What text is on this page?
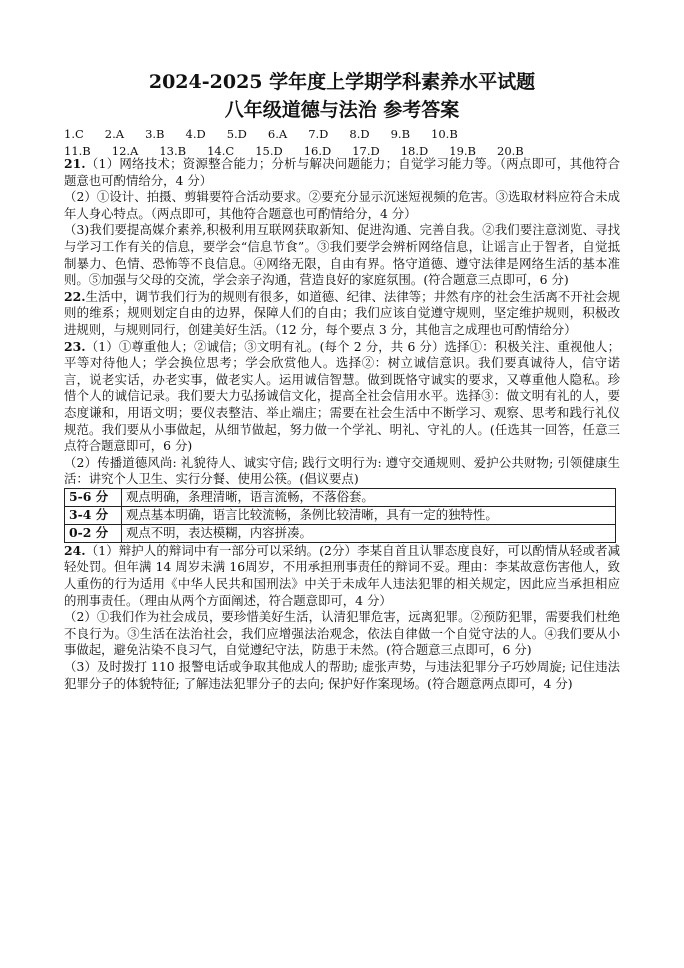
2024-2025 学年度上学期学科素养水平试题
八年级道德与法治 参考答案
1.C 2.A 3.B 4.D 5.D 6.A 7.D 8.D 9.B 10.B
11.B 12.A 13.B 14.C 15.D 16.D 17.D 18.D 19.B 20.B

21.（1）网络技术；资源整合能力；分析与解决问题能力；自觉学习能力等。（两点即可，其他符合题意也可酌情给分，4 分）

（2）①设计、拍摄、剪辑要符合活动要求。②要充分显示沉迷短视频的危害。③选取材料应符合未成年人身心特点。（两点即可，其他符合题意也可酌情给分，4 分）

（3)我们要提高媒介素养,积极利用互联网获取新知、促进沟通、完善自我。②我们要注意浏览、寻找与学习工作有关的信息，要学会“信息节食”。③我们要学会辨析网络信息，让谣言止于智者，自觉抵制暴力、色情、恐怖等不良信息。④网络无限，自由有界。恪守道德、遵守法律是网络生活的基本准则。⑤加强与父母的交流，学会亲子沟通，营造良好的家庭氛围。(符合题意三点即可，6 分)

22.生活中，调节我们行为的规则有很多，如道德、纪律、法律等；井然有序的社会生活离不开社会规则的维系；规则划定自由的边界，保障人们的自由；我们应该自觉遵守规则，坚定维护规则，积极改进规则，与规则同行，创建美好生活。（12 分，每个要点 3 分，其他言之成理也可酌情给分）

23.（1）①尊重他人；②诚信；③文明有礼。(每个 2 分，共 6 分）选择①：积极关注、重视他人；平等对待他人；学会换位思考；学会欣赏他人。选择②：树立诚信意识。我们要真诚待人，信守诺言，说老实话，办老实事，做老实人。运用诚信智慧。做到既恪守诚实的要求，又尊重他人隐私。珍惜个人的诚信记录。我们要大力弘扬诚信文化，提高全社会信用水平。选择③：做文明有礼的人，要态度谦和，用语文明；要仪表整洁、举止端庄；需要在社会生活中不断学习、观察、思考和践行礼仪规范。我们要从小事做起，从细节做起，努力做一个学礼、明礼、守礼的人。(任选其一回答，任意三点符合题意即可，6 分)

（2）传播道德风尚: 礼貌待人、诚实守信; 践行文明行为: 遵守交通规则、爱护公共财物; 引领健康生活：讲究个人卫生、实行分餐、使用公筷。(倡议要点)

5-6 分	观点明确，条理清晰，语言流畅，不落俗套。
3-4 分	观点基本明确，语言比较流畅，条例比较清晰，具有一定的独特性。
0-2 分	观点不明，表达模糊，内容拼凑。

24.（1）辩护人的辩词中有一部分可以采纳。(2分）李某自首且认罪态度良好，可以酌情从轻或者减轻处罚。但年满 14 周岁未满 16周岁，不用承担刑事责任的辩词不妥。理由：李某故意伤害他人，致人重伤的行为适用《中华人民共和国刑法》中关于未成年人违法犯罪的相关规定，因此应当承担相应的刑事责任。（理由从两个方面阐述，符合题意即可，4 分）

（2）①我们作为社会成员，要珍惜美好生活，认清犯罪危害，远离犯罪。②预防犯罪，需要我们杜绝不良行为。③生活在法治社会，我们应增强法治观念，依法自律做一个自觉守法的人。④我们要从小事做起，避免沾染不良习气，自觉遵纪守法，防患于未然。(符合题意三点即可，6 分)

（3）及时拨打 110 报警电话或争取其他成人的帮助; 虚张声势，与违法犯罪分子巧妙周旋; 记住违法犯罪分子的体貌特征; 了解违法犯罪分子的去向; 保护好作案现场。(符合题意两点即可，4 分)
